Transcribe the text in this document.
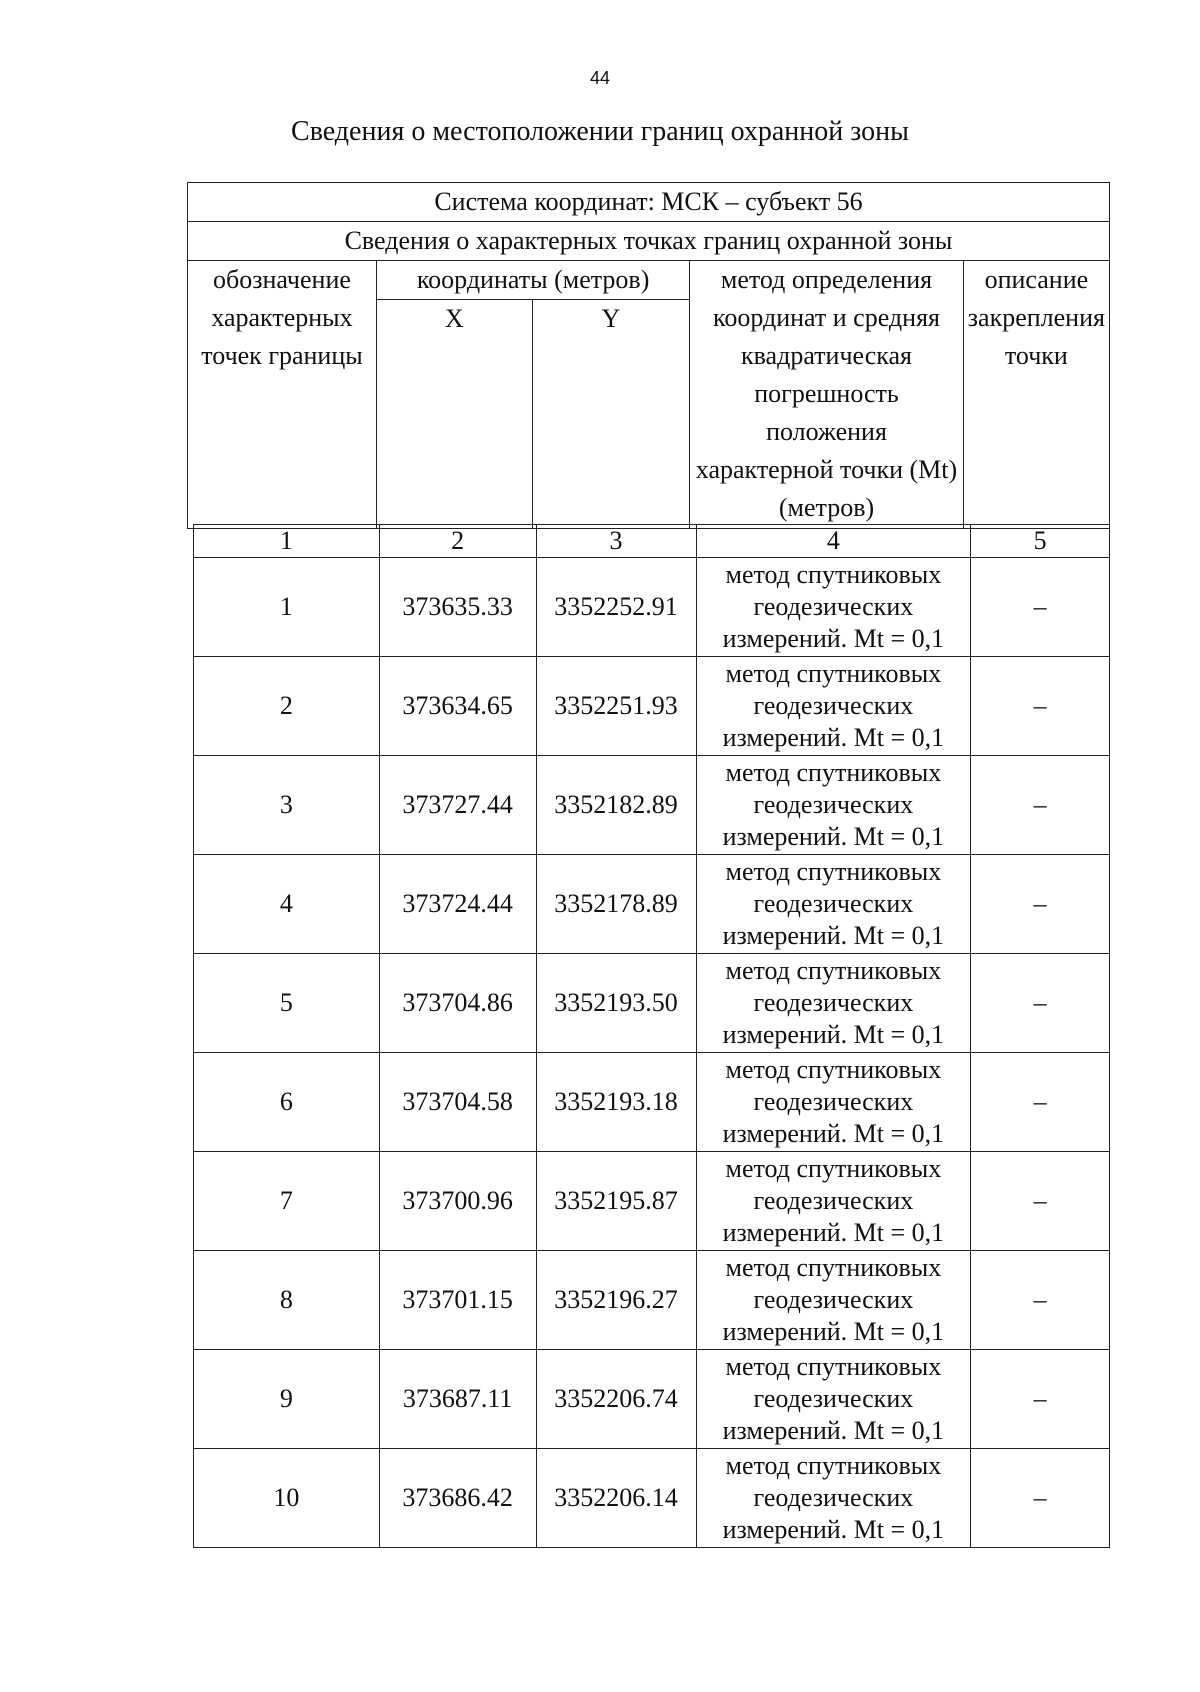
44
Сведения о местоположении границ охранной зоны
Система координат: МСК – субъект 56				
Сведения о характерных точках границ охранной зоны				
обозначение характерных точек границы	координаты (метров)		метод определения координат и средняя квадратическая погрешность положения характерной точки (Mt) (метров)	описание закрепления точки
	X	Y		
1	2	3	4	5
1	373635.33	3352252.91	метод спутниковых геодезических измерений. Mt = 0,1	–
2	373634.65	3352251.93	метод спутниковых геодезических измерений. Mt = 0,1	–
3	373727.44	3352182.89	метод спутниковых геодезических измерений. Mt = 0,1	–
4	373724.44	3352178.89	метод спутниковых геодезических измерений. Mt = 0,1	–
5	373704.86	3352193.50	метод спутниковых геодезических измерений. Mt = 0,1	–
6	373704.58	3352193.18	метод спутниковых геодезических измерений. Mt = 0,1	–
7	373700.96	3352195.87	метод спутниковых геодезических измерений. Mt = 0,1	–
8	373701.15	3352196.27	метод спутниковых геодезических измерений. Mt = 0,1	–
9	373687.11	3352206.74	метод спутниковых геодезических измерений. Mt = 0,1	–
10	373686.42	3352206.14	метод спутниковых геодезических измерений. Mt = 0,1	–
